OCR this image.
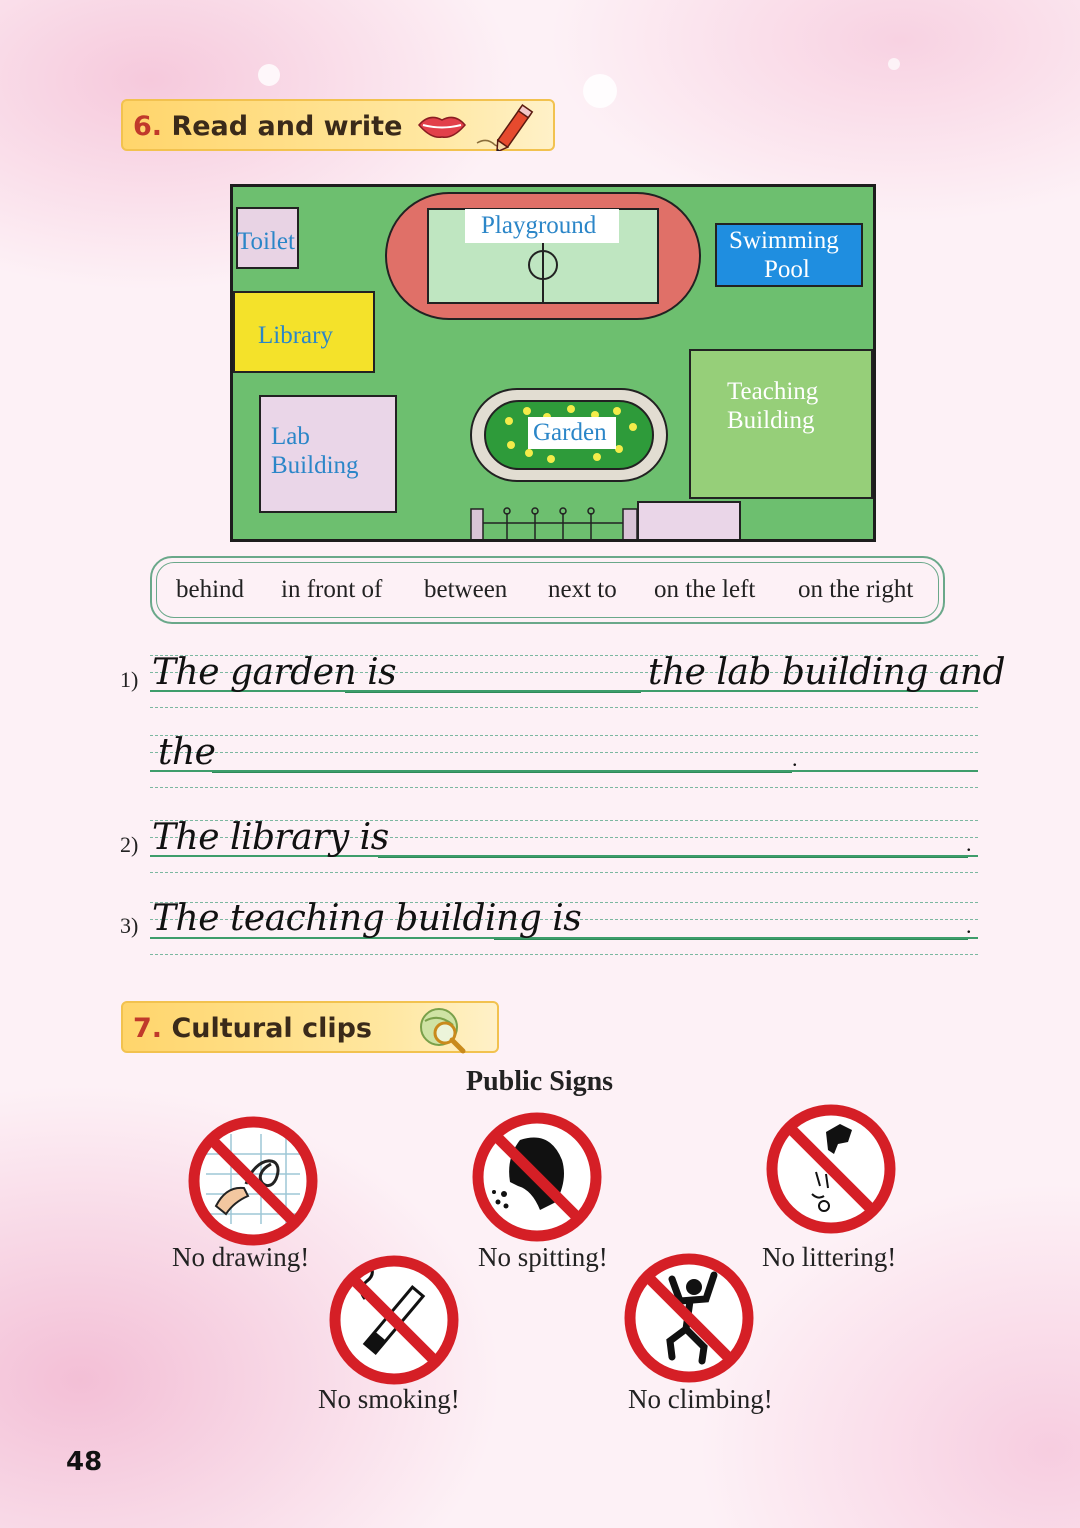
6. Read and write
Toilet
Library
Lab
Building
Playground
Swimming
Pool
Teaching
Building
Garden
behind in front of between next to on the left on the right
1) The garden is	the lab building and
the	.
2) The library is	.
3) The teaching building is	.
7. Cultural clips
Public Signs
No drawing!	No spitting!	No littering!
No smoking!	No climbing!
48
